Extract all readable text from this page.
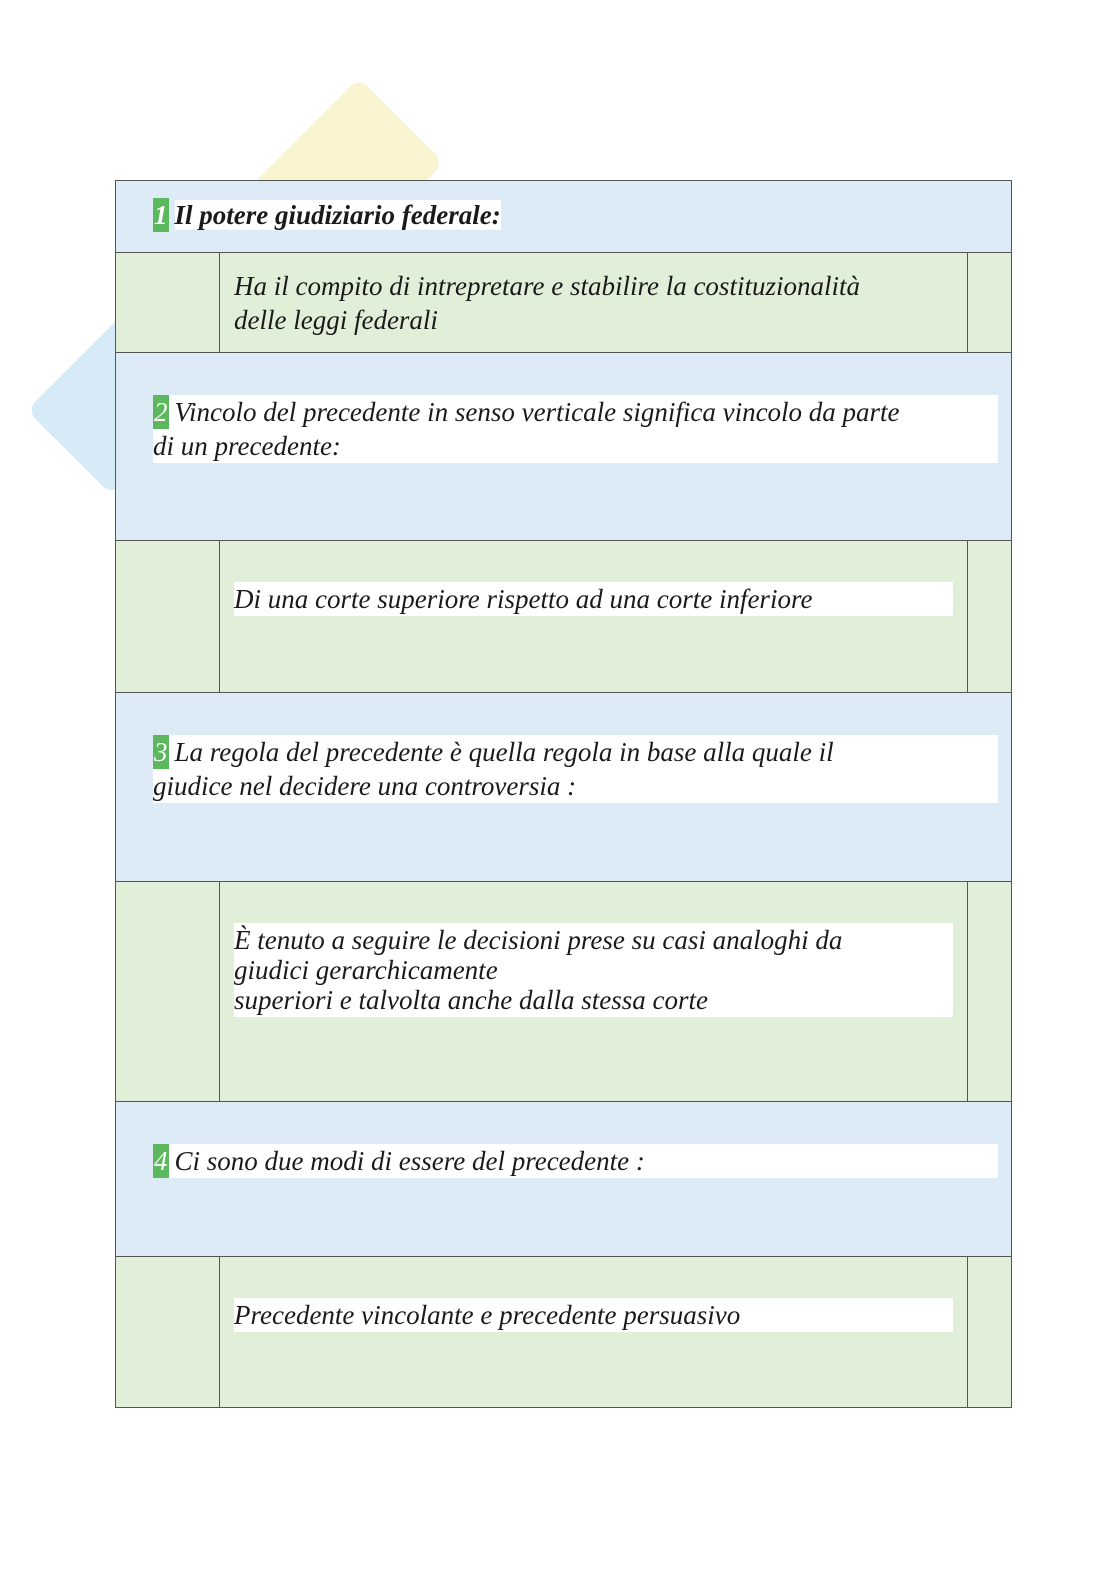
1 Il potere giudiziario federale:
Ha il compito di intrepretare e stabilire la costituzionalità
delle leggi federali
2 Vincolo del precedente in senso verticale significa vincolo da parte
di un precedente:
Di una corte superiore rispetto ad una corte inferiore
3 La regola del precedente è quella regola in base alla quale il
giudice nel decidere una controversia :
È tenuto a seguire le decisioni prese su casi analoghi da
giudici gerarchicamente
superiori e talvolta anche dalla stessa corte
4 Ci sono due modi di essere del precedente :
Precedente vincolante e precedente persuasivo
